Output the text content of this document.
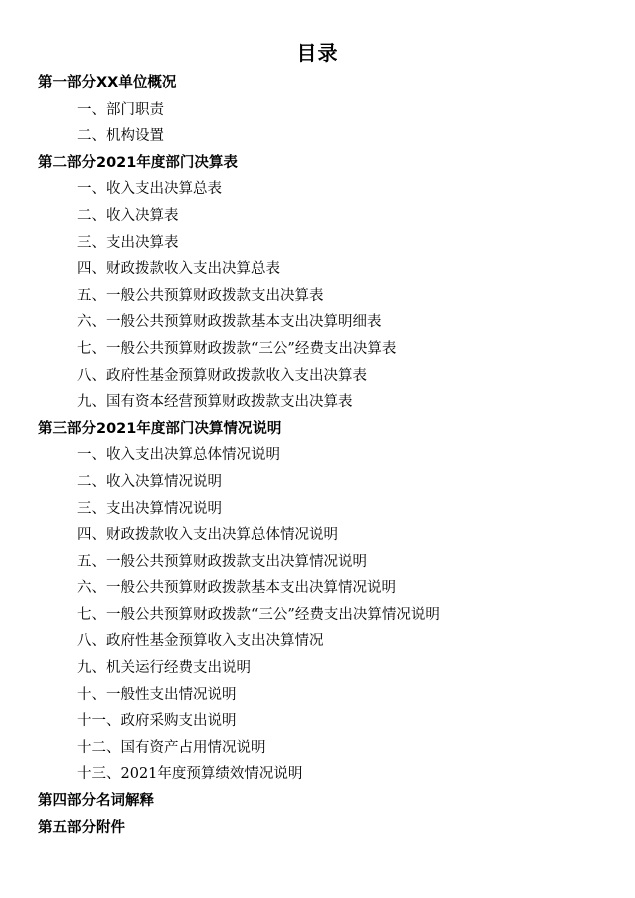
目录
第一部分XX单位概况
一、部门职责
二、机构设置
第二部分2021年度部门决算表
一、收入支出决算总表
二、收入决算表
三、支出决算表
四、财政拨款收入支出决算总表
五、一般公共预算财政拨款支出决算表
六、一般公共预算财政拨款基本支出决算明细表
七、一般公共预算财政拨款“三公”经费支出决算表
八、政府性基金预算财政拨款收入支出决算表
九、国有资本经营预算财政拨款支出决算表
第三部分2021年度部门决算情况说明
一、收入支出决算总体情况说明
二、收入决算情况说明
三、支出决算情况说明
四、财政拨款收入支出决算总体情况说明
五、一般公共预算财政拨款支出决算情况说明
六、一般公共预算财政拨款基本支出决算情况说明
七、一般公共预算财政拨款“三公”经费支出决算情况说明
八、政府性基金预算收入支出决算情况
九、机关运行经费支出说明
十、一般性支出情况说明
十一、政府采购支出说明
十二、国有资产占用情况说明
十三、2021年度预算绩效情况说明
第四部分名词解释
第五部分附件
